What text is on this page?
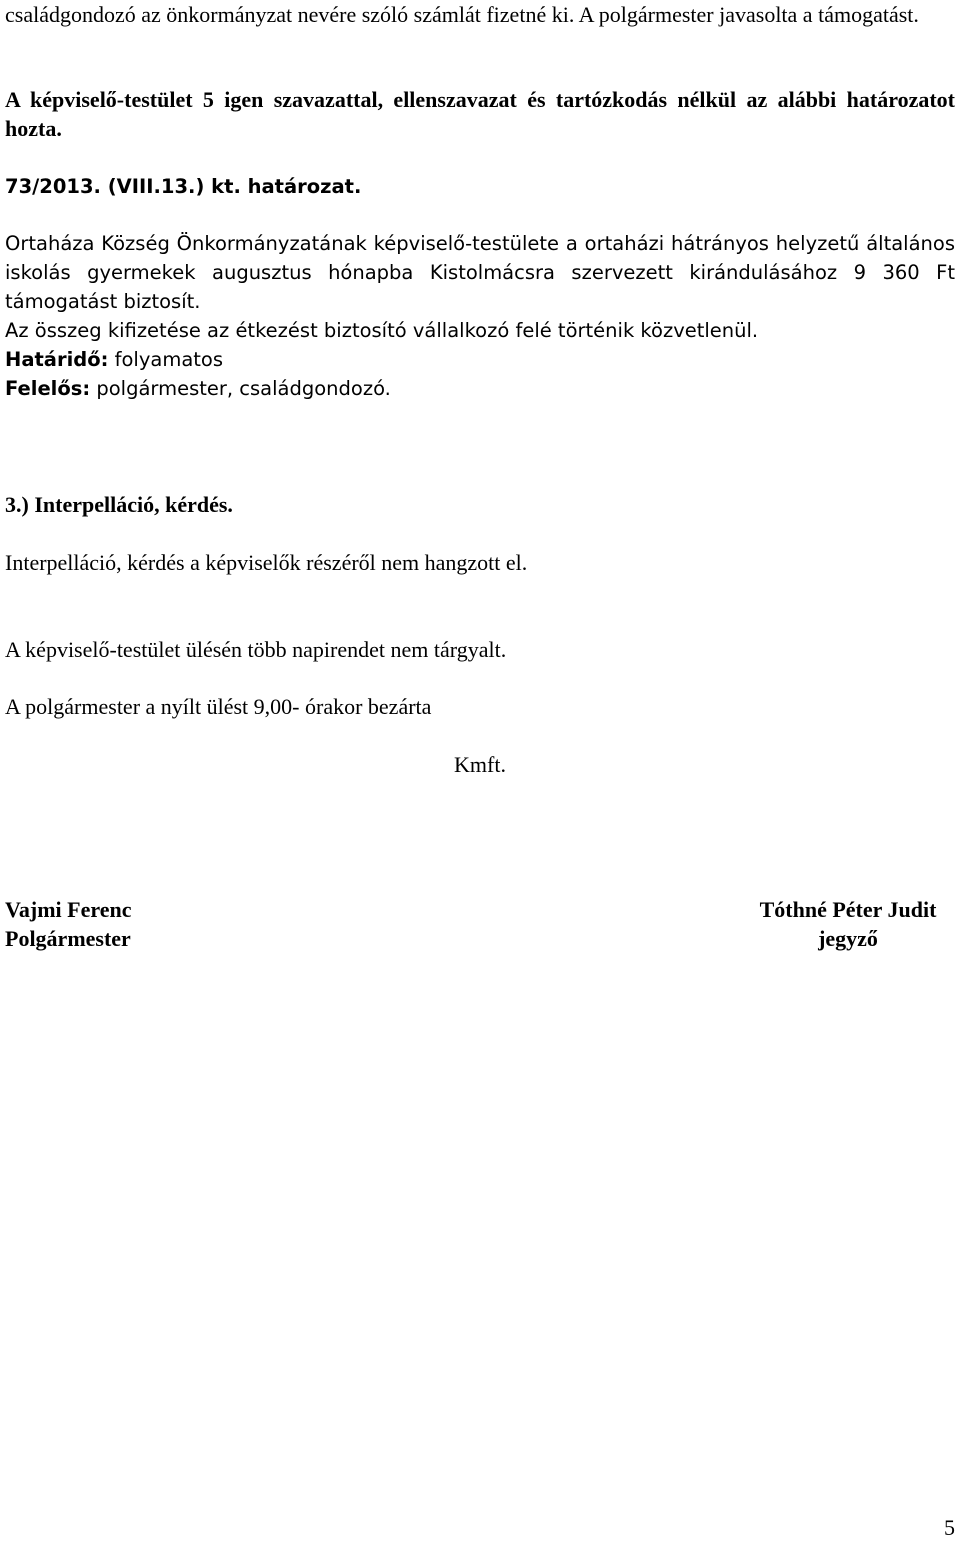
családgondozó az önkormányzat nevére szóló számlát fizetné ki. A polgármester javasolta a támogatást.
A képviselő-testület 5 igen szavazattal, ellenszavazat és tartózkodás nélkül az alábbi határozatot hozta.
73/2013. (VIII.13.) kt. határozat.
Ortaháza Község Önkormányzatának képviselő-testülete a ortaházi hátrányos helyzetű általános iskolás gyermekek augusztus hónapba Kistolmácsra szervezett kirándulásához 9 360 Ft támogatást biztosít.
Az összeg kifizetése az étkezést biztosító vállalkozó felé történik közvetlenül.
Határidő: folyamatos
Felelős: polgármester, családgondozó.
3.) Interpelláció, kérdés.
Interpelláció, kérdés a képviselők részéről nem hangzott el.
A képviselő-testület ülésén több napirendet nem tárgyalt.
A polgármester a nyílt ülést 9,00- órakor bezárta
Kmft.
Vajmi Ferenc
Polgármester
Tóthné Péter Judit
jegyző
5
